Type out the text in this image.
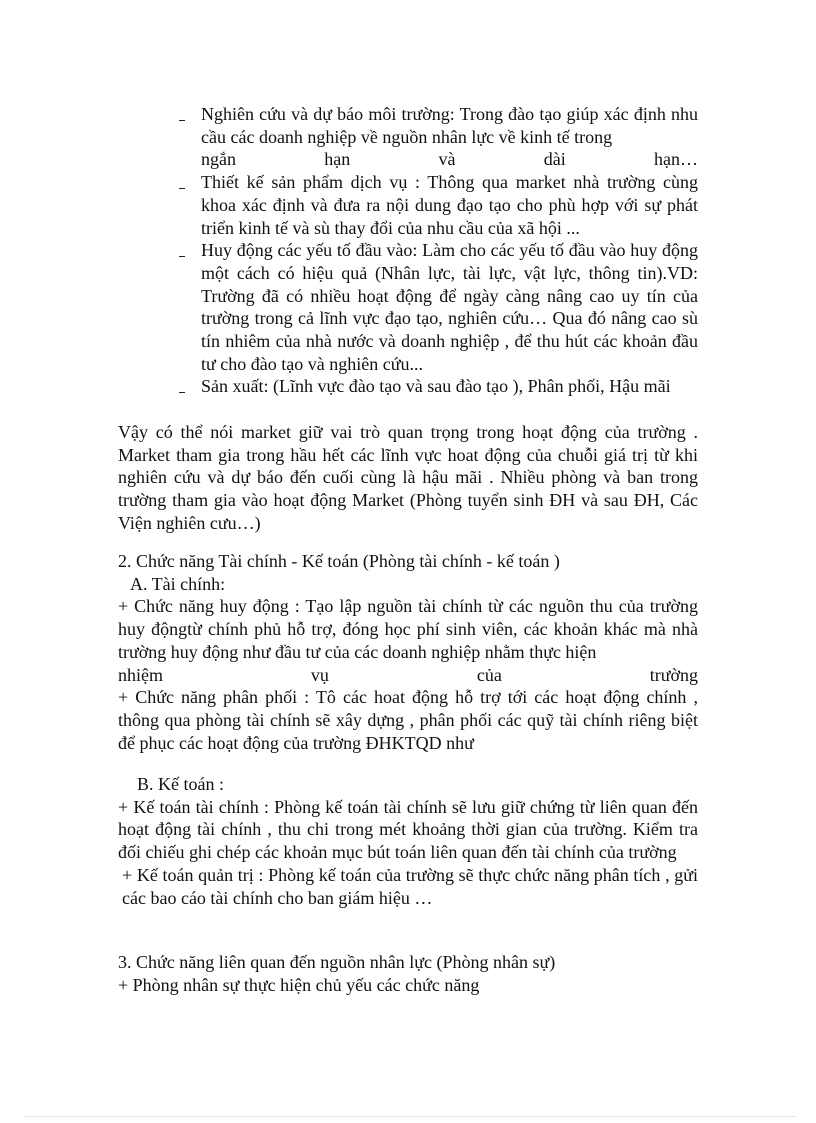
Nghiên cứu và dự báo môi trường: Trong đào tạo giúp xác định nhu cầu các doanh nghiệp về nguồn nhân lực về kinh tế trong
ngắn hạn và dài hạn…
Thiết kế sản phẩm dịch vụ : Thông qua market nhà trường cùng khoa xác định và đưa ra nội dung đạo tạo cho phù hợp với sự phát triển kinh tế và sù thay đổi của nhu cầu của xã hội ...
Huy động các yếu tố đầu vào: Làm cho các yếu tố đầu vào huy động một cách có hiệu quả (Nhân lực, tài lực, vật lực, thông tin).VD: Trường đã có nhiều hoạt động để ngày càng nâng cao uy tín của trường trong cả lĩnh vực đạo tạo, nghiên cứu… Qua đó nâng cao sù tín nhiêm của nhà nước và doanh nghiệp , để thu hút các khoản đầu tư cho đào tạo và nghiên cứu...
Sản xuất: (Lĩnh vực đào tạo và sau đào tạo ), Phân phối, Hậu mãi

Vậy có thể nói market giữ vai trò quan trọng trong hoạt động của trường . Market tham gia trong hầu hết các lĩnh vực hoat động của chuỗi giá trị từ khi nghiên cứu và dự báo đến cuối cùng là hậu mãi . Nhiều phòng và ban trong trường tham gia vào hoạt động Market (Phòng tuyển sinh ĐH và sau ĐH, Các Viện nghiên cưu…)

2. Chức năng Tài chính - Kế toán (Phòng tài chính - kế toán )
A. Tài chính:
+ Chức năng huy động : Tạo lập nguồn tài chính từ các nguồn thu của trường huy độngtừ chính phủ hỗ trợ, đóng học phí sinh viên, các khoản khác mà nhà trường huy động như đầu tư của các doanh nghiệp nhằm thực hiện
nhiệm vụ của trường
+ Chức năng phân phối : Tô các hoat động hỗ trợ tới các hoạt động chính , thông qua phòng tài chính sẽ xây dựng , phân phối các quỹ tài chính riêng biệt để phục các hoạt động của trường ĐHKTQD như
B. Kế toán :
+ Kế toán tài chính : Phòng kế toán tài chính sẽ lưu giữ chứng từ liên quan đến hoạt động tài chính , thu chi trong mét khoảng thời gian của trường. Kiểm tra đối chiếu ghi chép các khoản mục bút toán liên quan đến tài chính của trường
+ Kế toán quản trị : Phòng kế toán của trường sẽ thực chức năng phân tích , gửi các bao cáo tài chính cho ban giám hiệu …
3. Chức năng liên quan đến nguồn nhân lực (Phòng nhân sự)
+ Phòng nhân sự thực hiện chủ yếu các chức năng
